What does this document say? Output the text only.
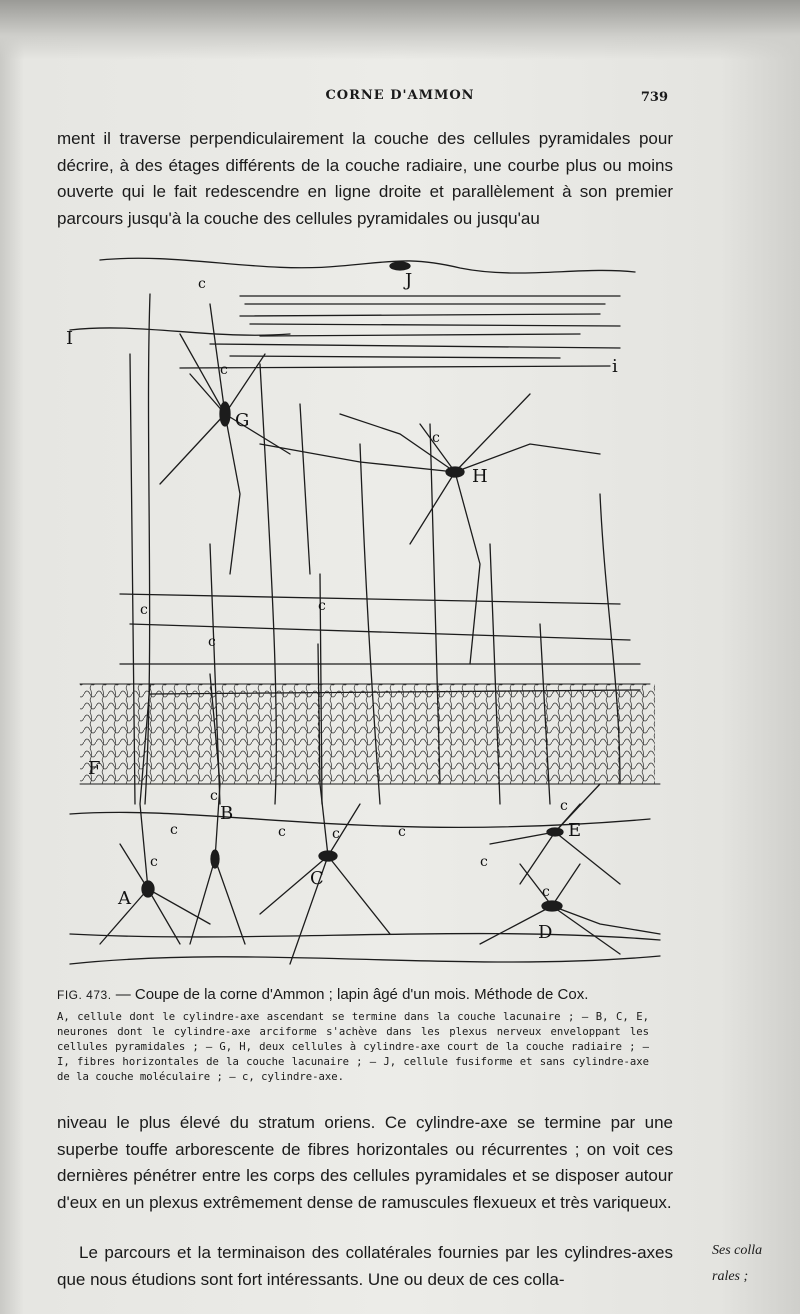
CORNE D'AMMON	739
ment il traverse perpendiculairement la couche des cellules pyramidales pour décrire, à des étages différents de la couche radiaire, une courbe plus ou moins ouverte qui le fait redescendre en ligne droite et parallèlement à son premier parcours jusqu'à la couche des cellules pyramidales ou jusqu'au
J
I
i
G
H
F
A
B
C
E
D
c
c
c
c	c
c
c
c
c
c	c	c
c
c
c
FIG. 473. — Coupe de la corne d'Ammon ; lapin âgé d'un mois. Méthode de Cox.
A, cellule dont le cylindre-axe ascendant se termine dans la couche lacunaire ; — B, C, E, neurones dont le cylindre-axe arciforme s'achève dans les plexus nerveux enveloppant les cellules pyramidales ; — G, H, deux cellules à cylindre-axe court de la couche radiaire ; — I, fibres horizontales de la couche lacunaire ; — J, cellule fusiforme et sans cylindre-axe de la couche moléculaire ; — c, cylindre-axe.
niveau le plus élevé du stratum oriens. Ce cylindre-axe se termine par une superbe touffe arborescente de fibres horizontales ou récurrentes ; on voit ces dernières pénétrer entre les corps des cellules pyramidales et se disposer autour d'eux en un plexus extrêmement dense de ramuscules flexueux et très variqueux.
Le parcours et la terminaison des collatérales fournies par les cylindres-axes que nous étudions sont fort intéressants. Une ou deux de ces colla-
Ses colla
rales ;
